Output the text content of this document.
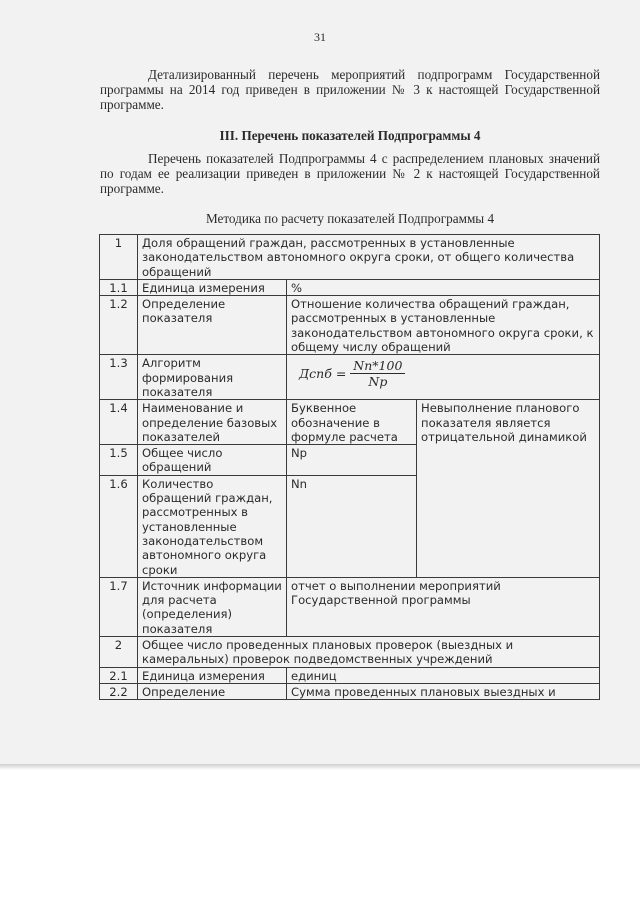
31

Детализированный перечень мероприятий подпрограмм Государственной программы на 2014 год приведен в приложении № 3 к настоящей Государственной программе.

III. Перечень показателей Подпрограммы 4

Перечень показателей Подпрограммы 4 с распределением плановых значений по годам ее реализации приведен в приложении № 2 к настоящей Государственной программе.

Методика по расчету показателей Подпрограммы 4
1	Доля обращений граждан, рассмотренных в установленные законодательством автономного округа сроки, от общего количества обращений		
1.1	Единица измерения	%	
1.2	Определение показателя	Отношение количества обращений граждан, рассмотренных в установленные законодательством автономного округа сроки, к общему числу обращений	
1.3	Алгоритм формирования показателя	Дспб = $\frac{Nn*100}{Np}$

1.4	Наименование и определение базовых показателей	Буквенное обозначение в формуле расчета	Невыполнение планового показателя является отрицательной динамикой
1.5	Общее число обращений	Np	
1.6	Количество обращений граждан, рассмотренных в установленные законодательством автономного округа сроки	Nn	
1.7	Источник информации для расчета (определения) показателя	отчет о выполнении мероприятий Государственной программы	
2	Общее число проведенных плановых проверок (выездных и камеральных) проверок подведомственных учреждений		
2.1	Единица измерения	единиц	
2.2	Определение	Сумма проведенных плановых выездных и	
